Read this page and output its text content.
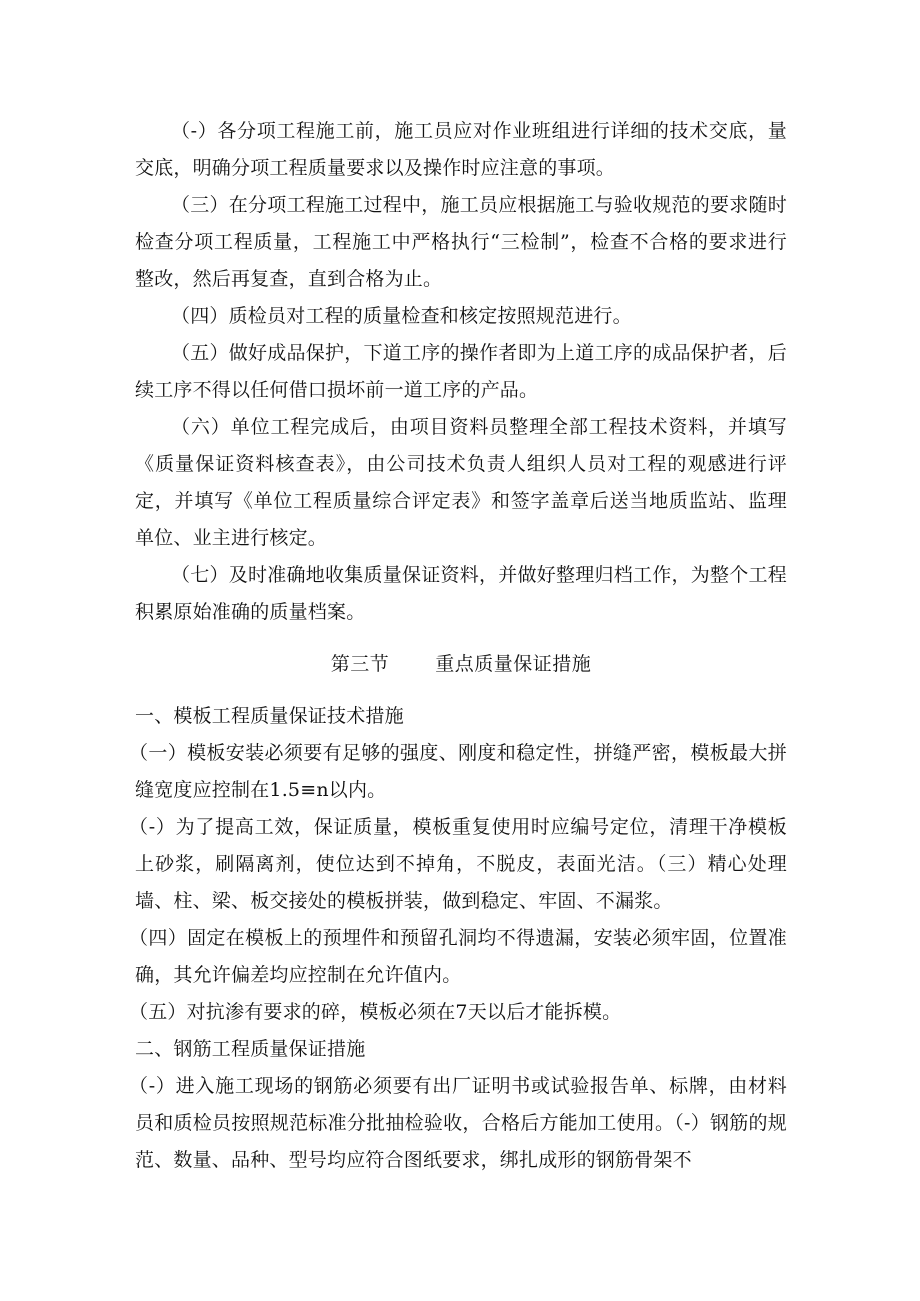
（-）各分项工程施工前，施工员应对作业班组进行详细的技术交底，量交底，明确分项工程质量要求以及操作时应注意的事项。

（三）在分项工程施工过程中，施工员应根据施工与验收规范的要求随时检查分项工程质量，工程施工中严格执行“三检制”，检查不合格的要求进行整改，然后再复查，直到合格为止。

（四）质检员对工程的质量检查和核定按照规范进行。

（五）做好成品保护，下道工序的操作者即为上道工序的成品保护者，后续工序不得以任何借口损坏前一道工序的产品。

（六）单位工程完成后，由项目资料员整理全部工程技术资料，并填写《质量保证资料核查表》，由公司技术负责人组织人员对工程的观感进行评定，并填写《单位工程质量综合评定表》和签字盖章后送当地质监站、监理单位、业主进行核定。

（七）及时准确地收集质量保证资料，并做好整理归档工作，为整个工程积累原始准确的质量档案。

第三节 重点质量保证措施

一、模板工程质量保证技术措施

（一）模板安装必须要有足够的强度、刚度和稳定性，拼缝严密，模板最大拼缝宽度应控制在1.5≡n以内。

（-）为了提高工效，保证质量，模板重复使用时应编号定位，清理干净模板上砂浆，刷隔离剂，使位达到不掉角，不脱皮，表面光洁。（三）精心处理墙、柱、梁、板交接处的模板拼装，做到稳定、牢固、不漏浆。

（四）固定在模板上的预埋件和预留孔洞均不得遗漏，安装必须牢固，位置准确，其允许偏差均应控制在允许值内。

（五）对抗渗有要求的碎，模板必须在7天以后才能拆模。

二、钢筋工程质量保证措施

（-）进入施工现场的钢筋必须要有出厂证明书或试验报告单、标牌，由材料员和质检员按照规范标准分批抽检验收，合格后方能加工使用。（-）钢筋的规范、数量、品种、型号均应符合图纸要求，绑扎成形的钢筋骨架不
